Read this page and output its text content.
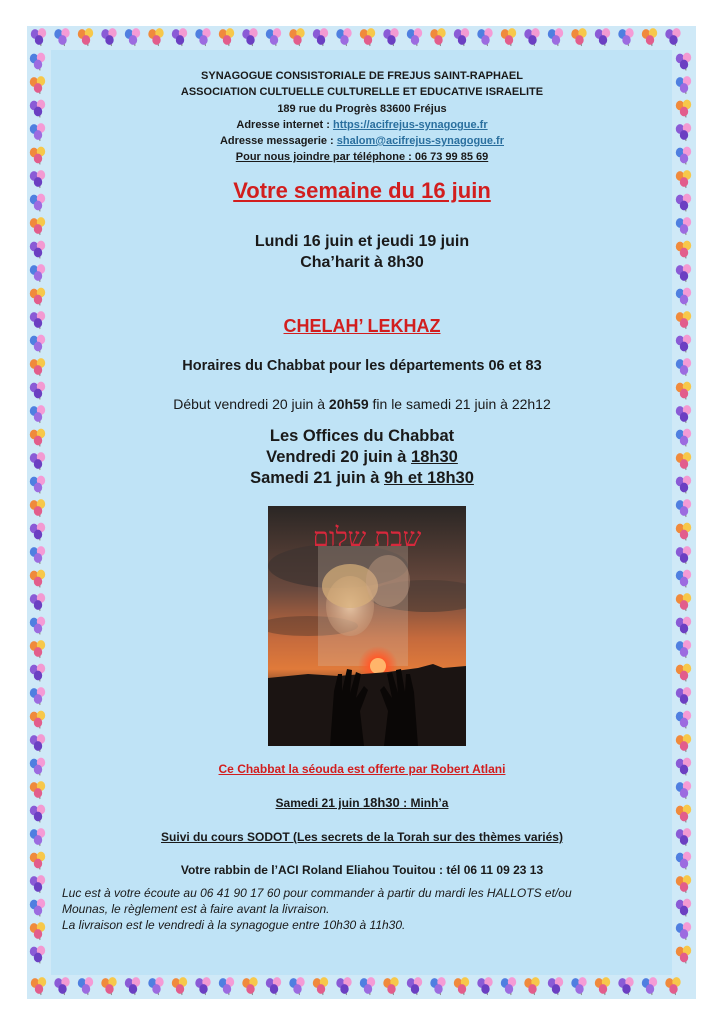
SYNAGOGUE CONSISTORIALE DE FREJUS SAINT-RAPHAEL
ASSOCIATION CULTUELLE CULTURELLE ET EDUCATIVE ISRAELITE
189 rue du Progrès 83600 Fréjus
Adresse internet : https://acifrejus-synagogue.fr
Adresse messagerie : shalom@acifrejus-synagogue.fr
Pour nous joindre par téléphone : 06 73 99 85 69
Votre semaine du 16 juin
Lundi 16 juin et jeudi 19 juin
Cha’harit à 8h30
CHELAH’ LEKHAZ
Horaires du Chabbat pour les départements 06 et 83
Début vendredi 20 juin à 20h59 fin le samedi 21 juin à 22h12
Les Offices du Chabbat
Vendredi 20 juin à 18h30
Samedi 21 juin à 9h et 18h30
שבת שלום
Ce Chabbat la séouda est offerte par Robert Atlani
Samedi 21 juin 18h30 : Minh’a
Suivi du cours SODOT (Les secrets de la Torah sur des thèmes variés)
Votre rabbin de l’ACI Roland Eliahou Touitou : tél 06 11 09 23 13
Luc est à votre écoute au 06 41 90 17 60 pour commander à partir du mardi les HALLOTS et/ou
Mounas, le règlement est à faire avant la livraison.
La livraison est le vendredi à la synagogue entre 10h30 à 11h30.
